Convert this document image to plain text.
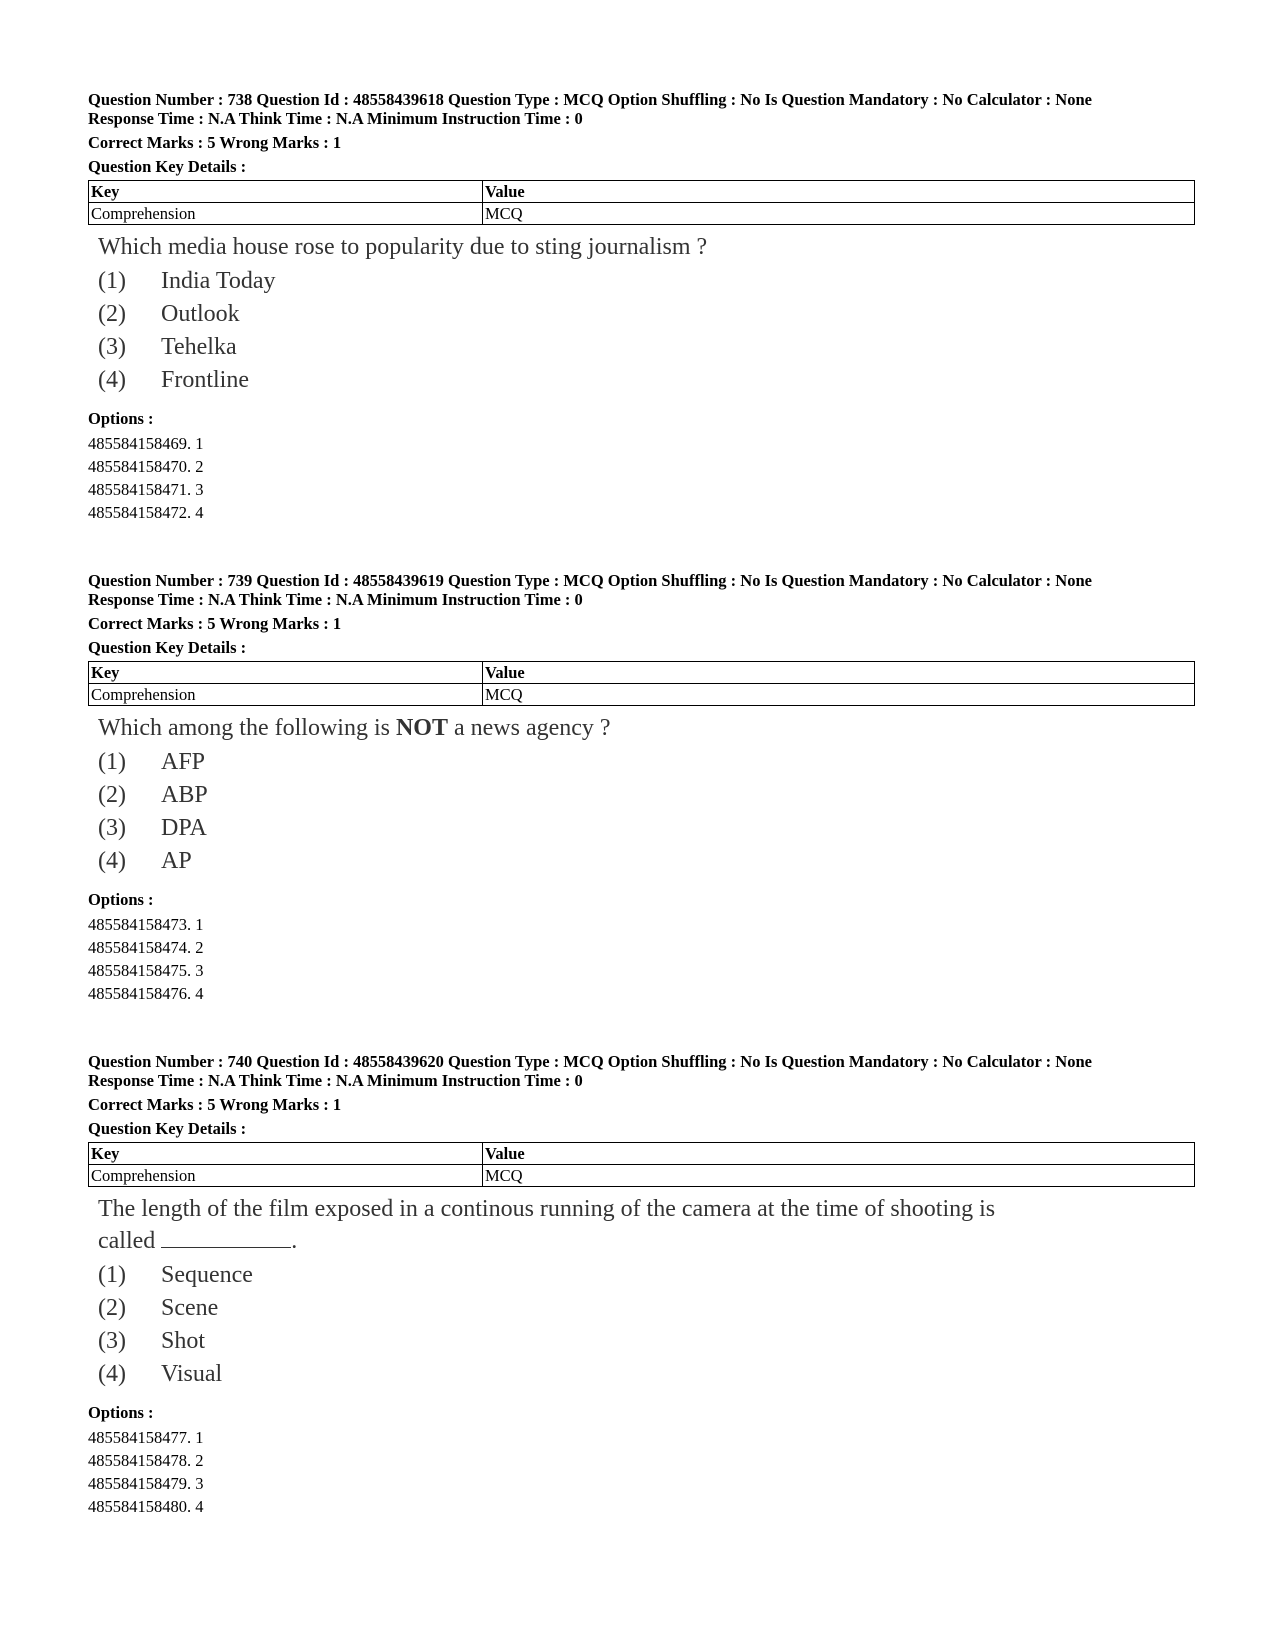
Question Number : 738 Question Id : 48558439618 Question Type : MCQ Option Shuffling : No Is Question Mandatory : No Calculator : None
Response Time : N.A Think Time : N.A Minimum Instruction Time : 0
Correct Marks : 5 Wrong Marks : 1
Question Key Details :
Key	Value
Comprehension	MCQ
Which media house rose to popularity due to sting journalism ?
(1)	India Today
(2)	Outlook
(3)	Tehelka
(4)	Frontline
Options :
485584158469. 1
485584158470. 2
485584158471. 3
485584158472. 4
Question Number : 739 Question Id : 48558439619 Question Type : MCQ Option Shuffling : No Is Question Mandatory : No Calculator : None
Response Time : N.A Think Time : N.A Minimum Instruction Time : 0
Correct Marks : 5 Wrong Marks : 1
Question Key Details :
Key	Value
Comprehension	MCQ
Which among the following is NOT a news agency ?
(1)	AFP
(2)	ABP
(3)	DPA
(4)	AP
Options :
485584158473. 1
485584158474. 2
485584158475. 3
485584158476. 4
Question Number : 740 Question Id : 48558439620 Question Type : MCQ Option Shuffling : No Is Question Mandatory : No Calculator : None
Response Time : N.A Think Time : N.A Minimum Instruction Time : 0
Correct Marks : 5 Wrong Marks : 1
Question Key Details :
Key	Value
Comprehension	MCQ
The length of the film exposed in a continous running of the camera at the time of shooting is
called	.
(1)	Sequence
(2)	Scene
(3)	Shot
(4)	Visual
Options :
485584158477. 1
485584158478. 2
485584158479. 3
485584158480. 4
